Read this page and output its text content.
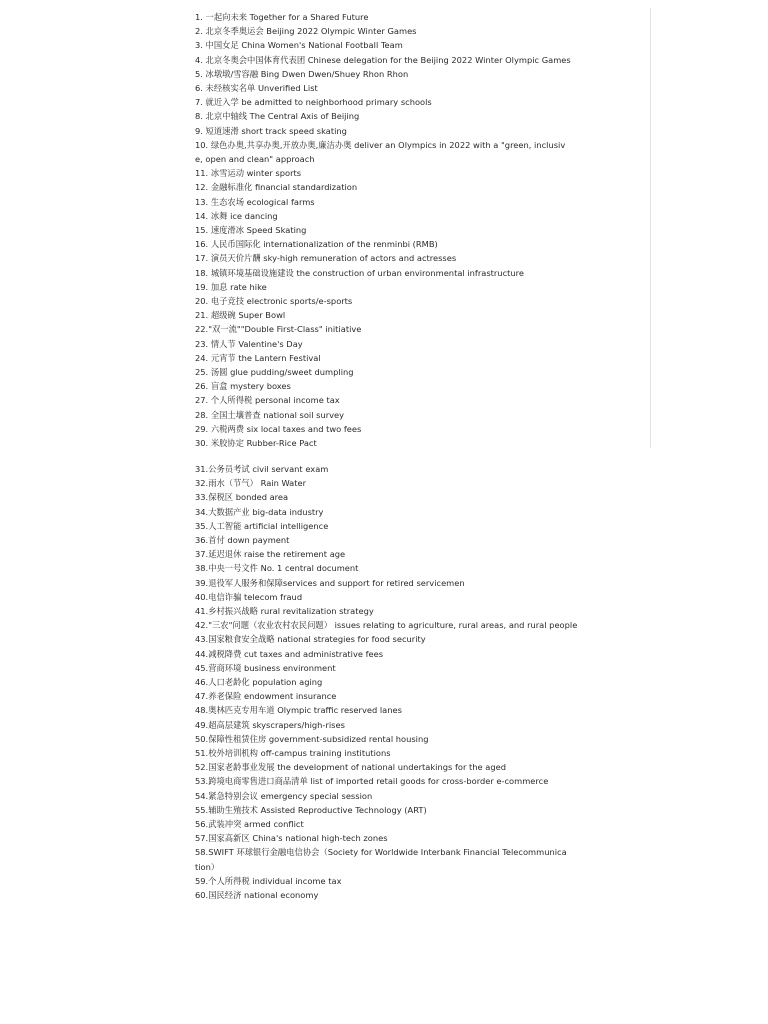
1. 一起向未来 Together for a Shared Future
2. 北京冬季奥运会 Beijing 2022 Olympic Winter Games
3. 中国女足 China Women's National Football Team
4. 北京冬奥会中国体育代表团 Chinese delegation for the Beijing 2022 Winter Olympic Games
5. 冰墩墩/雪容融 Bing Dwen Dwen/Shuey Rhon Rhon
6. 未经核实名单 Unverified List
7. 就近入学 be admitted to neighborhood primary schools
8. 北京中轴线 The Central Axis of Beijing
9. 短道速滑 short track speed skating
10. 绿色办奥,共享办奥,开放办奥,廉洁办奥 deliver an Olympics in 2022 with a "green, inclusive, open and clean" approach
11. 冰雪运动 winter sports
12. 金融标准化 financial standardization
13. 生态农场 ecological farms
14. 冰舞 ice dancing
15. 速度滑冰 Speed Skating
16. 人民币国际化 internationalization of the renminbi (RMB)
17. 演员天价片酬 sky-high remuneration of actors and actresses
18. 城镇环境基础设施建设 the construction of urban environmental infrastructure
19. 加息 rate hike
20. 电子竞技 electronic sports/e-sports
21. 超级碗 Super Bowl
22."双一流""Double First-Class" initiative
23. 情人节 Valentine's Day
24. 元宵节 the Lantern Festival
25. 汤圆 glue pudding/sweet dumpling
26. 盲盒 mystery boxes
27. 个人所得税 personal income tax
28. 全国土壤普查 national soil survey
29. 六税两费 six local taxes and two fees
30. 米胶协定 Rubber-Rice Pact
31.公务员考试 civil servant exam
32.雨水（节气） Rain Water
33.保税区 bonded area
34.大数据产业 big-data industry
35.人工智能 artificial intelligence
36.首付 down payment
37.延迟退休 raise the retirement age
38.中央一号文件 No. 1 central document
39.退役军人服务和保障services and support for retired servicemen
40.电信诈骗 telecom fraud
41.乡村振兴战略 rural revitalization strategy
42."三农"问题（农业农村农民问题） issues relating to agriculture, rural areas, and rural people
43.国家粮食安全战略 national strategies for food security
44.减税降费 cut taxes and administrative fees
45.营商环境 business environment
46.人口老龄化 population aging
47.养老保险 endowment insurance
48.奥林匹克专用车道 Olympic traffic reserved lanes
49.超高层建筑 skyscrapers/high-rises
50.保障性租赁住房 government-subsidized rental housing
51.校外培训机构 off-campus training institutions
52.国家老龄事业发展 the development of national undertakings for the aged
53.跨境电商零售进口商品清单 list of imported retail goods for cross-border e-commerce
54.紧急特别会议 emergency special session
55.辅助生殖技术 Assisted Reproductive Technology (ART)
56.武装冲突 armed conflict
57.国家高新区 China's national high-tech zones
58.SWIFT 环球银行金融电信协会（Society for Worldwide Interbank Financial Telecommunication）
59.个人所得税 individual income tax
60.国民经济 national economy
